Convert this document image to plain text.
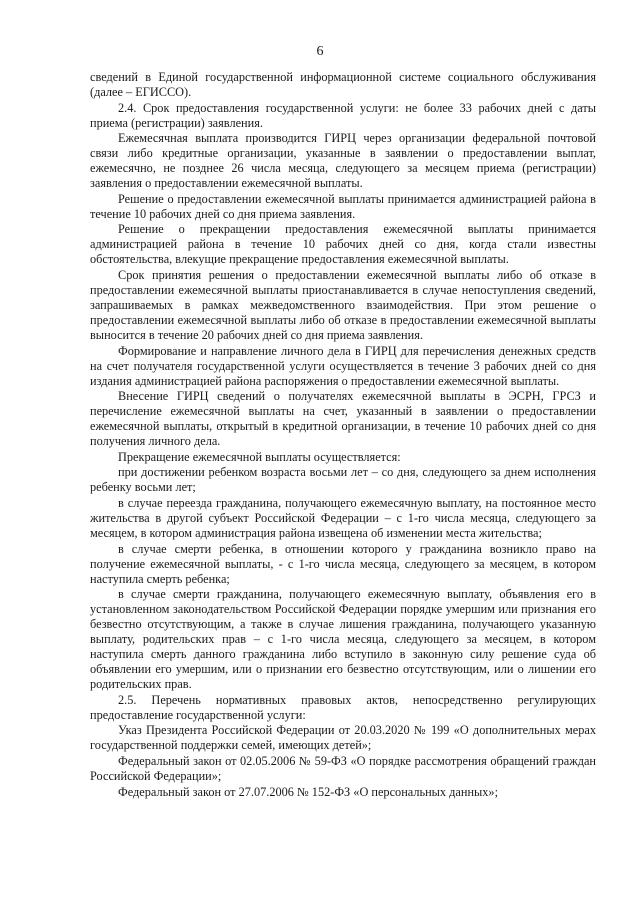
6

сведений в Единой государственной информационной системе социального обслуживания (далее – ЕГИССО).

2.4. Срок предоставления государственной услуги: не более 33 рабочих дней с даты приема (регистрации) заявления.

Ежемесячная выплата производится ГИРЦ через организации федеральной почтовой связи либо кредитные организации, указанные в заявлении о предоставлении выплат, ежемесячно, не позднее 26 числа месяца, следующего за месяцем приема (регистрации) заявления о предоставлении ежемесячной выплаты.

Решение о предоставлении ежемесячной выплаты принимается администрацией района в течение 10 рабочих дней со дня приема заявления.

Решение о прекращении предоставления ежемесячной выплаты принимается администрацией района в течение 10 рабочих дней со дня, когда стали известны обстоятельства, влекущие прекращение предоставления ежемесячной выплаты.

Срок принятия решения о предоставлении ежемесячной выплаты либо об отказе в предоставлении ежемесячной выплаты приостанавливается в случае непоступления сведений, запрашиваемых в рамках межведомственного взаимодействия. При этом решение о предоставлении ежемесячной выплаты либо об отказе в предоставлении ежемесячной выплаты выносится в течение 20 рабочих дней со дня приема заявления.

Формирование и направление личного дела в ГИРЦ для перечисления денежных средств на счет получателя государственной услуги осуществляется в течение 3 рабочих дней со дня издания администрацией района распоряжения о предоставлении ежемесячной выплаты.

Внесение ГИРЦ сведений о получателях ежемесячной выплаты в ЭСРН, ГРСЗ и перечисление ежемесячной выплаты на счет, указанный в заявлении о предоставлении ежемесячной выплаты, открытый в кредитной организации, в течение 10 рабочих дней со дня получения личного дела.

Прекращение ежемесячной выплаты осуществляется:

при достижении ребенком возраста восьми лет – со дня, следующего за днем исполнения ребенку восьми лет;

в случае переезда гражданина, получающего ежемесячную выплату, на постоянное место жительства в другой субъект Российской Федерации – с 1-го числа месяца, следующего за месяцем, в котором администрация района извещена об изменении места жительства;

в случае смерти ребенка, в отношении которого у гражданина возникло право на получение ежемесячной выплаты, - с 1-го числа месяца, следующего за месяцем, в котором наступила смерть ребенка;

в случае смерти гражданина, получающего ежемесячную выплату, объявления его в установленном законодательством Российской Федерации порядке умершим или признания его безвестно отсутствующим, а также в случае лишения гражданина, получающего указанную выплату, родительских прав – с 1-го числа месяца, следующего за месяцем, в котором наступила смерть данного гражданина либо вступило в законную силу решение суда об объявлении его умершим, или о признании его безвестно отсутствующим, или о лишении его родительских прав.

2.5. Перечень нормативных правовых актов, непосредственно регулирующих предоставление государственной услуги:

Указ Президента Российской Федерации от 20.03.2020 № 199 «О дополнительных мерах государственной поддержки семей, имеющих детей»;

Федеральный закон от 02.05.2006 № 59-ФЗ «О порядке рассмотрения обращений граждан Российской Федерации»;

Федеральный закон от 27.07.2006 № 152-ФЗ «О персональных данных»;
